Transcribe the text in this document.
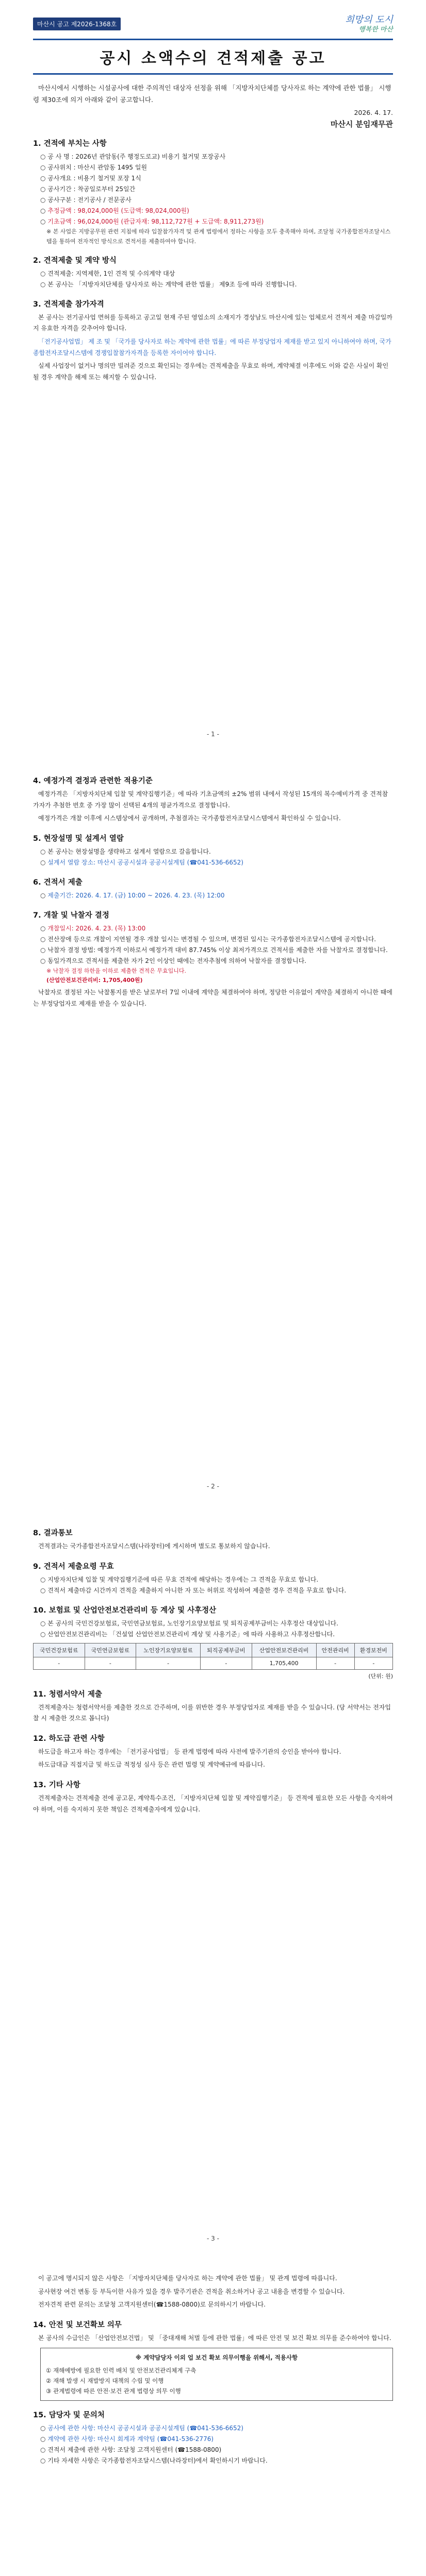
마산시 공고 제2026-1368호	희망의 도시
행복한 마산
공시 소액수의 견적제출 공고

마산시에서 시행하는 시설공사에 대한 주의적인 대상자 선정을 위해 「지방자치단체를 당사자로 하는 계약에 관한 법률」 시행령 제30조에 의거 아래와 같이 공고합니다.

2026. 4. 17.
마산시 분임재무관
1. 견적에 부치는 사항
○ 공 사 명 : 2026년 관암동(주 행정도로교) 비용기 철거및 포장공사
○ 공사위치 : 마산시 관암동 1495 일원
○ 공사개요 : 비용기 철거및 포장 1식
○ 공사기간 : 착공일로부터 25일간
○ 공사구분 : 전기공사 / 전문공사
○ 추정금액 : 98,024,000원 (도급액: 98,024,000원)
○ 기초금액 : 96,024,000원 (관급자재: 98,112,727원 + 도급액: 8,911,273원)
※ 본 사업은 지방공무원 관련 지침에 따라 입찰참가자격 및 관계 법령에서 정하는 사항을 모두 충족해야 하며, 조달청 국가종합전자조달시스템을 통하여 전자적인 방식으로 견적서를 제출하여야 합니다.
2. 견적제출 및 계약 방식
○ 견적제출: 지역제한, 1인 견적 및 수의계약 대상
○ 본 공사는 「지방자치단체를 당사자로 하는 계약에 관한 법률」 제9조 등에 따라 진행합니다.
3. 견적제출 참가자격

본 공사는 전기공사업 면허를 등록하고 공고일 현재 주된 영업소의 소재지가 경상남도 마산시에 있는 업체로서 견적서 제출 마감일까지 유효한 자격을 갖추어야 합니다.

「전기공사업법」 제 조 및 「국가를 당사자로 하는 계약에 관한 법률」에 따른 부정당업자 제재를 받고 있지 아니하여야 하며, 국가종합전자조달시스템에 경쟁입찰참가자격을 등록한 자이어야 합니다.

실제 사업장이 없거나 명의만 빌려준 것으로 확인되는 경우에는 견적제출을 무효로 하며, 계약체결 이후에도 이와 같은 사실이 확인될 경우 계약을 해제 또는 해지할 수 있습니다.

- 1 -
4. 예정가격 결정과 관련한 적용기준

예정가격은 「지방자치단체 입찰 및 계약집행기준」에 따라 기초금액의 ±2% 범위 내에서 작성된 15개의 복수예비가격 중 견적참가자가 추첨한 번호 중 가장 많이 선택된 4개의 평균가격으로 결정합니다.

예정가격은 개찰 이후에 시스템상에서 공개하며, 추첨결과는 국가종합전자조달시스템에서 확인하실 수 있습니다.

5. 현장설명 및 설계서 열람
○ 본 공사는 현장설명을 생략하고 설계서 열람으로 갈음합니다.
○ 설계서 열람 장소: 마산시 공공시설과 공공시설계팀 (☎041-536-6652)
6. 견적서 제출
○ 제출기간: 2026. 4. 17. (금) 10:00 ~ 2026. 4. 23. (목) 12:00
7. 개찰 및 낙찰자 결정
○ 개찰일시: 2026. 4. 23. (목) 13:00
○ 전산장애 등으로 개찰이 지연될 경우 개찰 일시는 변경될 수 있으며, 변경된 일시는 국가종합전자조달시스템에 공지합니다.
○ 낙찰자 결정 방법: 예정가격 이하로서 예정가격 대비 87.745% 이상 최저가격으로 견적서를 제출한 자를 낙찰자로 결정합니다.
○ 동일가격으로 견적서를 제출한 자가 2인 이상인 때에는 전자추첨에 의하여 낙찰자를 결정합니다.
※ 낙찰자 결정 하한율 이하로 제출한 견적은 무효입니다.
(산업안전보건관리비: 1,705,400원)

낙찰자로 결정된 자는 낙찰통지를 받은 날로부터 7일 이내에 계약을 체결하여야 하며, 정당한 이유없이 계약을 체결하지 아니한 때에는 부정당업자로 제재를 받을 수 있습니다.

- 2 -
8. 결과통보

견적결과는 국가종합전자조달시스템(나라장터)에 게시하며 별도로 통보하지 않습니다.

9. 견적서 제출요령 무효
○ 지방자치단체 입찰 및 계약집행기준에 따른 무효 견적에 해당하는 경우에는 그 견적을 무효로 합니다.
○ 견적서 제출마감 시간까지 견적을 제출하지 아니한 자 또는 허위로 작성하여 제출한 경우 견적을 무효로 합니다.
10. 보험료 및 산업안전보건관리비 등 계상 및 사후정산
○ 본 공사의 국민건강보험료, 국민연금보험료, 노인장기요양보험료 및 퇴직공제부금비는 사후정산 대상입니다.
○ 산업안전보건관리비는 「건설업 산업안전보건관리비 계상 및 사용기준」에 따라 사용하고 사후정산합니다.
국민건강보험료	국민연금보험료	노인장기요양보험료	퇴직공제부금비	산업안전보건관리비	안전관리비	환경보전비
-	-	-	-	1,705,400	-	-
(단위: 원)
11. 청렴서약서 제출

견적제출자는 청렴서약서를 제출한 것으로 간주하며, 이를 위반한 경우 부정당업자로 제재를 받을 수 있습니다. (당 서약서는 전자입찰 시 제출한 것으로 봅니다)

12. 하도급 관련 사항

하도급을 하고자 하는 경우에는 「전기공사업법」 등 관계 법령에 따라 사전에 발주기관의 승인을 받아야 합니다.

하도급대금 직접지급 및 하도급 적정성 심사 등은 관련 법령 및 계약예규에 따릅니다.

13. 기타 사항

견적제출자는 견적제출 전에 공고문, 계약특수조건, 「지방자치단체 입찰 및 계약집행기준」 등 견적에 필요한 모든 사항을 숙지하여야 하며, 이를 숙지하지 못한 책임은 견적제출자에게 있습니다.

- 3 -

이 공고에 명시되지 않은 사항은 「지방자치단체를 당사자로 하는 계약에 관한 법률」 및 관계 법령에 따릅니다.

공사현장 여건 변동 등 부득이한 사유가 있을 경우 발주기관은 견적을 취소하거나 공고 내용을 변경할 수 있습니다.

전자견적 관련 문의는 조달청 고객지원센터(☎1588-0800)로 문의하시기 바랍니다.

14. 안전 및 보건확보 의무

본 공사의 수급인은 「산업안전보건법」 및 「중대재해 처벌 등에 관한 법률」에 따른 안전 및 보건 확보 의무를 준수하여야 합니다.

※ 계약담당자 이외 업 보건 확보 의무이행을 위해서, 적용사항
① 재해예방에 필요한 인력 배치 및 안전보건관리체계 구축
② 재해 발생 시 재발방지 대책의 수립 및 이행
③ 관계법령에 따른 안전·보건 관계 법령상 의무 이행
15. 담당자 및 문의처
○ 공사에 관한 사항: 마산시 공공시설과 공공시설계팀 (☎041-536-6652)
○ 계약에 관한 사항: 마산시 회계과 계약팀 (☎041-536-2776)
○ 견적서 제출에 관한 사항: 조달청 고객지원센터 (☎1588-0800)
○ 기타 자세한 사항은 국가종합전자조달시스템(나라장터)에서 확인하시기 바랍니다.
